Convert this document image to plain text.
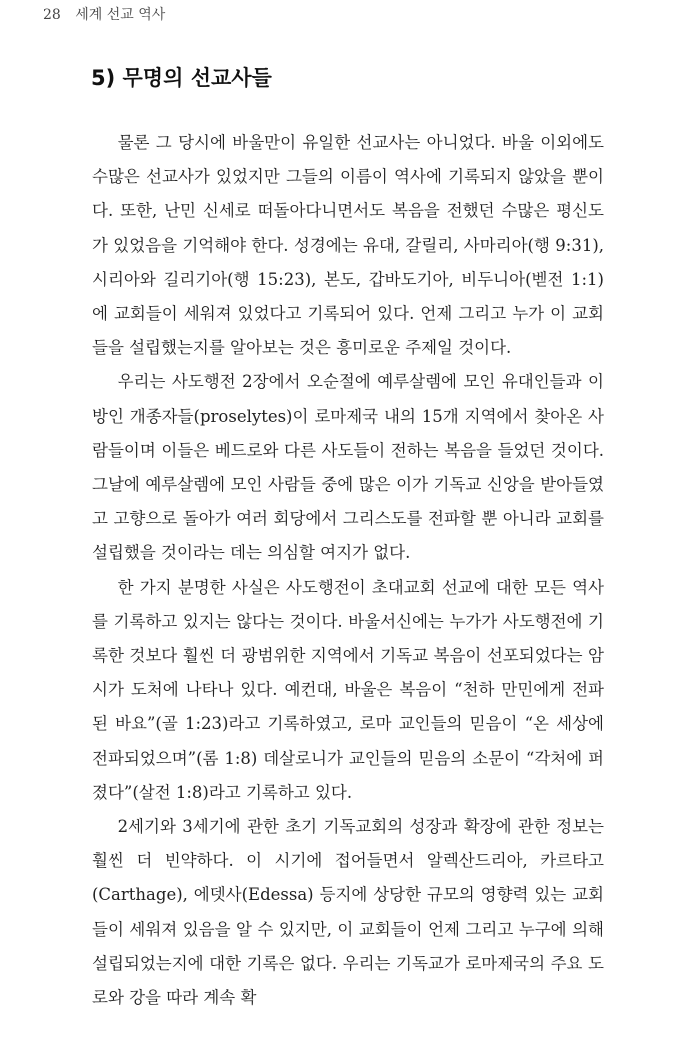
28 세계 선교 역사
5) 무명의 선교사들

물론 그 당시에 바울만이 유일한 선교사는 아니었다. 바울 이외에도 수많은 선교사가 있었지만 그들의 이름이 역사에 기록되지 않았을 뿐이다. 또한, 난민 신세로 떠돌아다니면서도 복음을 전했던 수많은 평신도가 있었음을 기억해야 한다. 성경에는 유대, 갈릴리, 사마리아(행 9:31), 시리아와 길리기아(행 15:23), 본도, 갑바도기아, 비두니아(벧전 1:1)에 교회들이 세워져 있었다고 기록되어 있다. 언제 그리고 누가 이 교회들을 설립했는지를 알아보는 것은 흥미로운 주제일 것이다.

우리는 사도행전 2장에서 오순절에 예루살렘에 모인 유대인들과 이방인 개종자들(proselytes)이 로마제국 내의 15개 지역에서 찾아온 사람들이며 이들은 베드로와 다른 사도들이 전하는 복음을 들었던 것이다. 그날에 예루살렘에 모인 사람들 중에 많은 이가 기독교 신앙을 받아들였고 고향으로 돌아가 여러 회당에서 그리스도를 전파할 뿐 아니라 교회를 설립했을 것이라는 데는 의심할 여지가 없다.

한 가지 분명한 사실은 사도행전이 초대교회 선교에 대한 모든 역사를 기록하고 있지는 않다는 것이다. 바울서신에는 누가가 사도행전에 기록한 것보다 훨씬 더 광범위한 지역에서 기독교 복음이 선포되었다는 암시가 도처에 나타나 있다. 예컨대, 바울은 복음이 “천하 만민에게 전파된 바요”(골 1:23)라고 기록하였고, 로마 교인들의 믿음이 “온 세상에 전파되었으며”(롬 1:8) 데살로니가 교인들의 믿음의 소문이 “각처에 퍼졌다”(살전 1:8)라고 기록하고 있다.

2세기와 3세기에 관한 초기 기독교회의 성장과 확장에 관한 정보는 훨씬 더 빈약하다. 이 시기에 접어들면서 알렉산드리아, 카르타고(Carthage), 에뎃사(Edessa) 등지에 상당한 규모의 영향력 있는 교회들이 세워져 있음을 알 수 있지만, 이 교회들이 언제 그리고 누구에 의해 설립되었는지에 대한 기록은 없다. 우리는 기독교가 로마제국의 주요 도로와 강을 따라 계속 확
